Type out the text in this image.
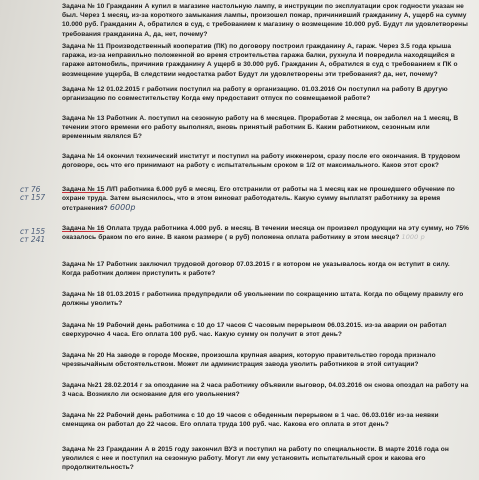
Задача № 10 Гражданин А купил в магазине настольную лампу, в инструкции по эксплуатации срок годности указан не был. Через 1 месяц, из-за короткого замыкания лампы, произошел пожар, причинивший гражданину А, ущерб на сумму 10.000 руб. Гражданин А, обратился в суд, с требованием к магазину о возмещение 10.000 руб. Будут ли удовлетворены требования гражданина А, да, нет, почему?
Задача № 11 Производственный кооператив (ПК) по договору построил гражданину А, гараж. Через 3.5 года крыша гаража, из-за неправильно положенной во время строительства гаража балки, рухнула И повредила находящийся в гараже автомобиль, причинив гражданину А ущерб в 30.000 руб. Гражданин А, обратился в суд с требованием к ПК о возмещение ущерба, В следствии недостатка работ Будут ли удовлетворены эти требования? да, нет, почему?
Задача № 12 01.02.2015 г работник поступил на работу в организацию. 01.03.2016 Он поступил на работу В другую организацию по совместительству Когда ему предоставит отпуск по совмещаемой работе?
Задача № 13 Работник А. поступил на сезонную работу на 6 месяцев. Проработав 2 месяца, он заболел на 1 месяц, В течении этого времени его работу выполнял, вновь принятый работник Б. Каким работником, сезонным или временным являлся Б?
Задача № 14 окончил технический институт и поступил на работу инженером, сразу после его окончания. В трудовом договоре, ось что его принимают на работу с испытательным сроком в 1/2 от максимального. Каков этот срок?
Задача № 15 Л/П работника 6.000 руб в месяц. Его отстранили от работы на 1 месяц как не прошедшего обучение по охране труда. Затем выяснилось, что в этом виноват работодатель. Какую сумму выплатят работнику за время отстранения? 6000р
Задача № 16 Оплата труда работника 4.000 руб. в месяц. В течении месяца он произвел продукции на эту сумму, но 75% оказалось браком по его вине. В каком размере ( в руб) положена оплата работнику в этом месяце? 1000 р
Задача № 17 Работник заключил трудовой договор 07.03.2015 г в котором не указывалось когда он вступит в силу. Когда работник должен приступить к работе?
Задача № 18 01.03.2015 г работника предупредили об увольнении по сокращению штата. Когда по общему правилу его должны уволить?
Задача № 19 Рабочий день работника с 10 до 17 часов С часовым перерывом 06.03.2015. из-за аварии он работал сверхурочно 4 часа. Его оплата 100 руб. час. Какую сумму он получит в этот день?
Задача № 20 На заводе в городе Москве, произошла крупная авария, которую правительство города признало чрезвычайным обстоятельством. Может ли администрация завода уволить работников в этой ситуации?
Задача №21 28.02.2014 г за опоздание на 2 часа работнику объявили выговор, 04.03.2016 он снова опоздал на работу на 3 часа. Возникло ли основание для его увольнения?
Задача № 22 Рабочий день работника с 10 до 19 часов с обеденным перерывом в 1 час. 06.03.016г из-за неявки сменщика он работал до 22 часов. Его оплата труда 100 руб. час. Какова его оплата в этот день?
Задача № 23 Гражданин А в 2015 году закончил ВУЗ и поступил на работу по специальности. В марте 2016 года он уволился с нее и поступил на сезонную работу. Могут ли ему установить испытательный срок и какова его продолжительность?
ст 76
ст 157
ст 155
ст 241
